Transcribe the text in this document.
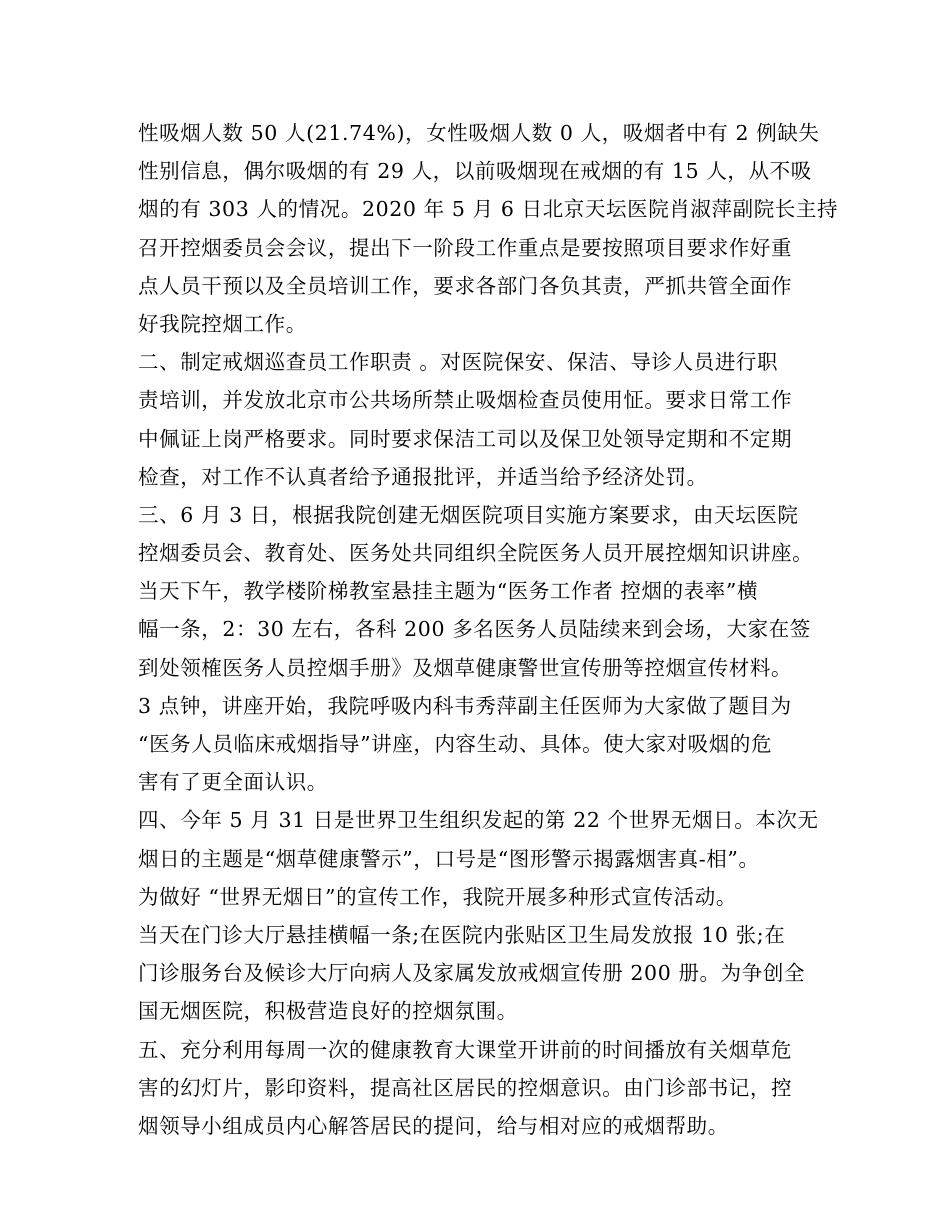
性吸烟人数 50 人(21.74%)，女性吸烟人数 0 人，吸烟者中有 2 例缺失
性别信息，偶尔吸烟的有 29 人，以前吸烟现在戒烟的有 15 人，从不吸
烟的有 303 人的情况。2020 年 5 月 6 日北京天坛医院肖淑萍副院长主持
召开控烟委员会会议，提出下一阶段工作重点是要按照项目要求作好重
点人员干预以及全员培训工作，要求各部门各负其责，严抓共管全面作
好我院控烟工作。
二、制定戒烟巡查员工作职责 。对医院保安、保洁、导诊人员进行职
责培训，并发放北京市公共场所禁止吸烟检查员使用怔。要求日常工作
中佩证上岗严格要求。同时要求保洁工司以及保卫处领导定期和不定期
检查，对工作不认真者给予通报批评，并适当给予经济处罚。
三、6 月 3 日，根据我院创建无烟医院项目实施方案要求，由天坛医院
控烟委员会、教育处、医务处共同组织全院医务人员开展控烟知识讲座。
当天下午，教学楼阶梯教室悬挂主题为“医务工作者 控烟的表率”横
幅一条，2：30 左右，各科 200 多名医务人员陆续来到会场，大家在签
到处领榷医务人员控烟手册》及烟草健康警世宣传册等控烟宣传材料。
3 点钟，讲座开始，我院呼吸内科韦秀萍副主任医师为大家做了题目为
“医务人员临床戒烟指导”讲座，内容生动、具体。使大家对吸烟的危
害有了更全面认识。
四、今年 5 月 31 日是世界卫生组织发起的第 22 个世界无烟日。本次无
烟日的主题是“烟草健康警示”，口号是“图形警示揭露烟害真-相”。
为做好 “世界无烟日”的宣传工作，我院开展多种形式宣传活动。
当天在门诊大厅悬挂横幅一条;在医院内张贴区卫生局发放报 10 张;在
门诊服务台及候诊大厅向病人及家属发放戒烟宣传册 200 册。为争创全
国无烟医院，积极营造良好的控烟氛围。
五、充分利用每周一次的健康教育大课堂开讲前的时间播放有关烟草危
害的幻灯片，影印资料，提高社区居民的控烟意识。由门诊部书记，控
烟领导小组成员内心解答居民的提问，给与相对应的戒烟帮助。
